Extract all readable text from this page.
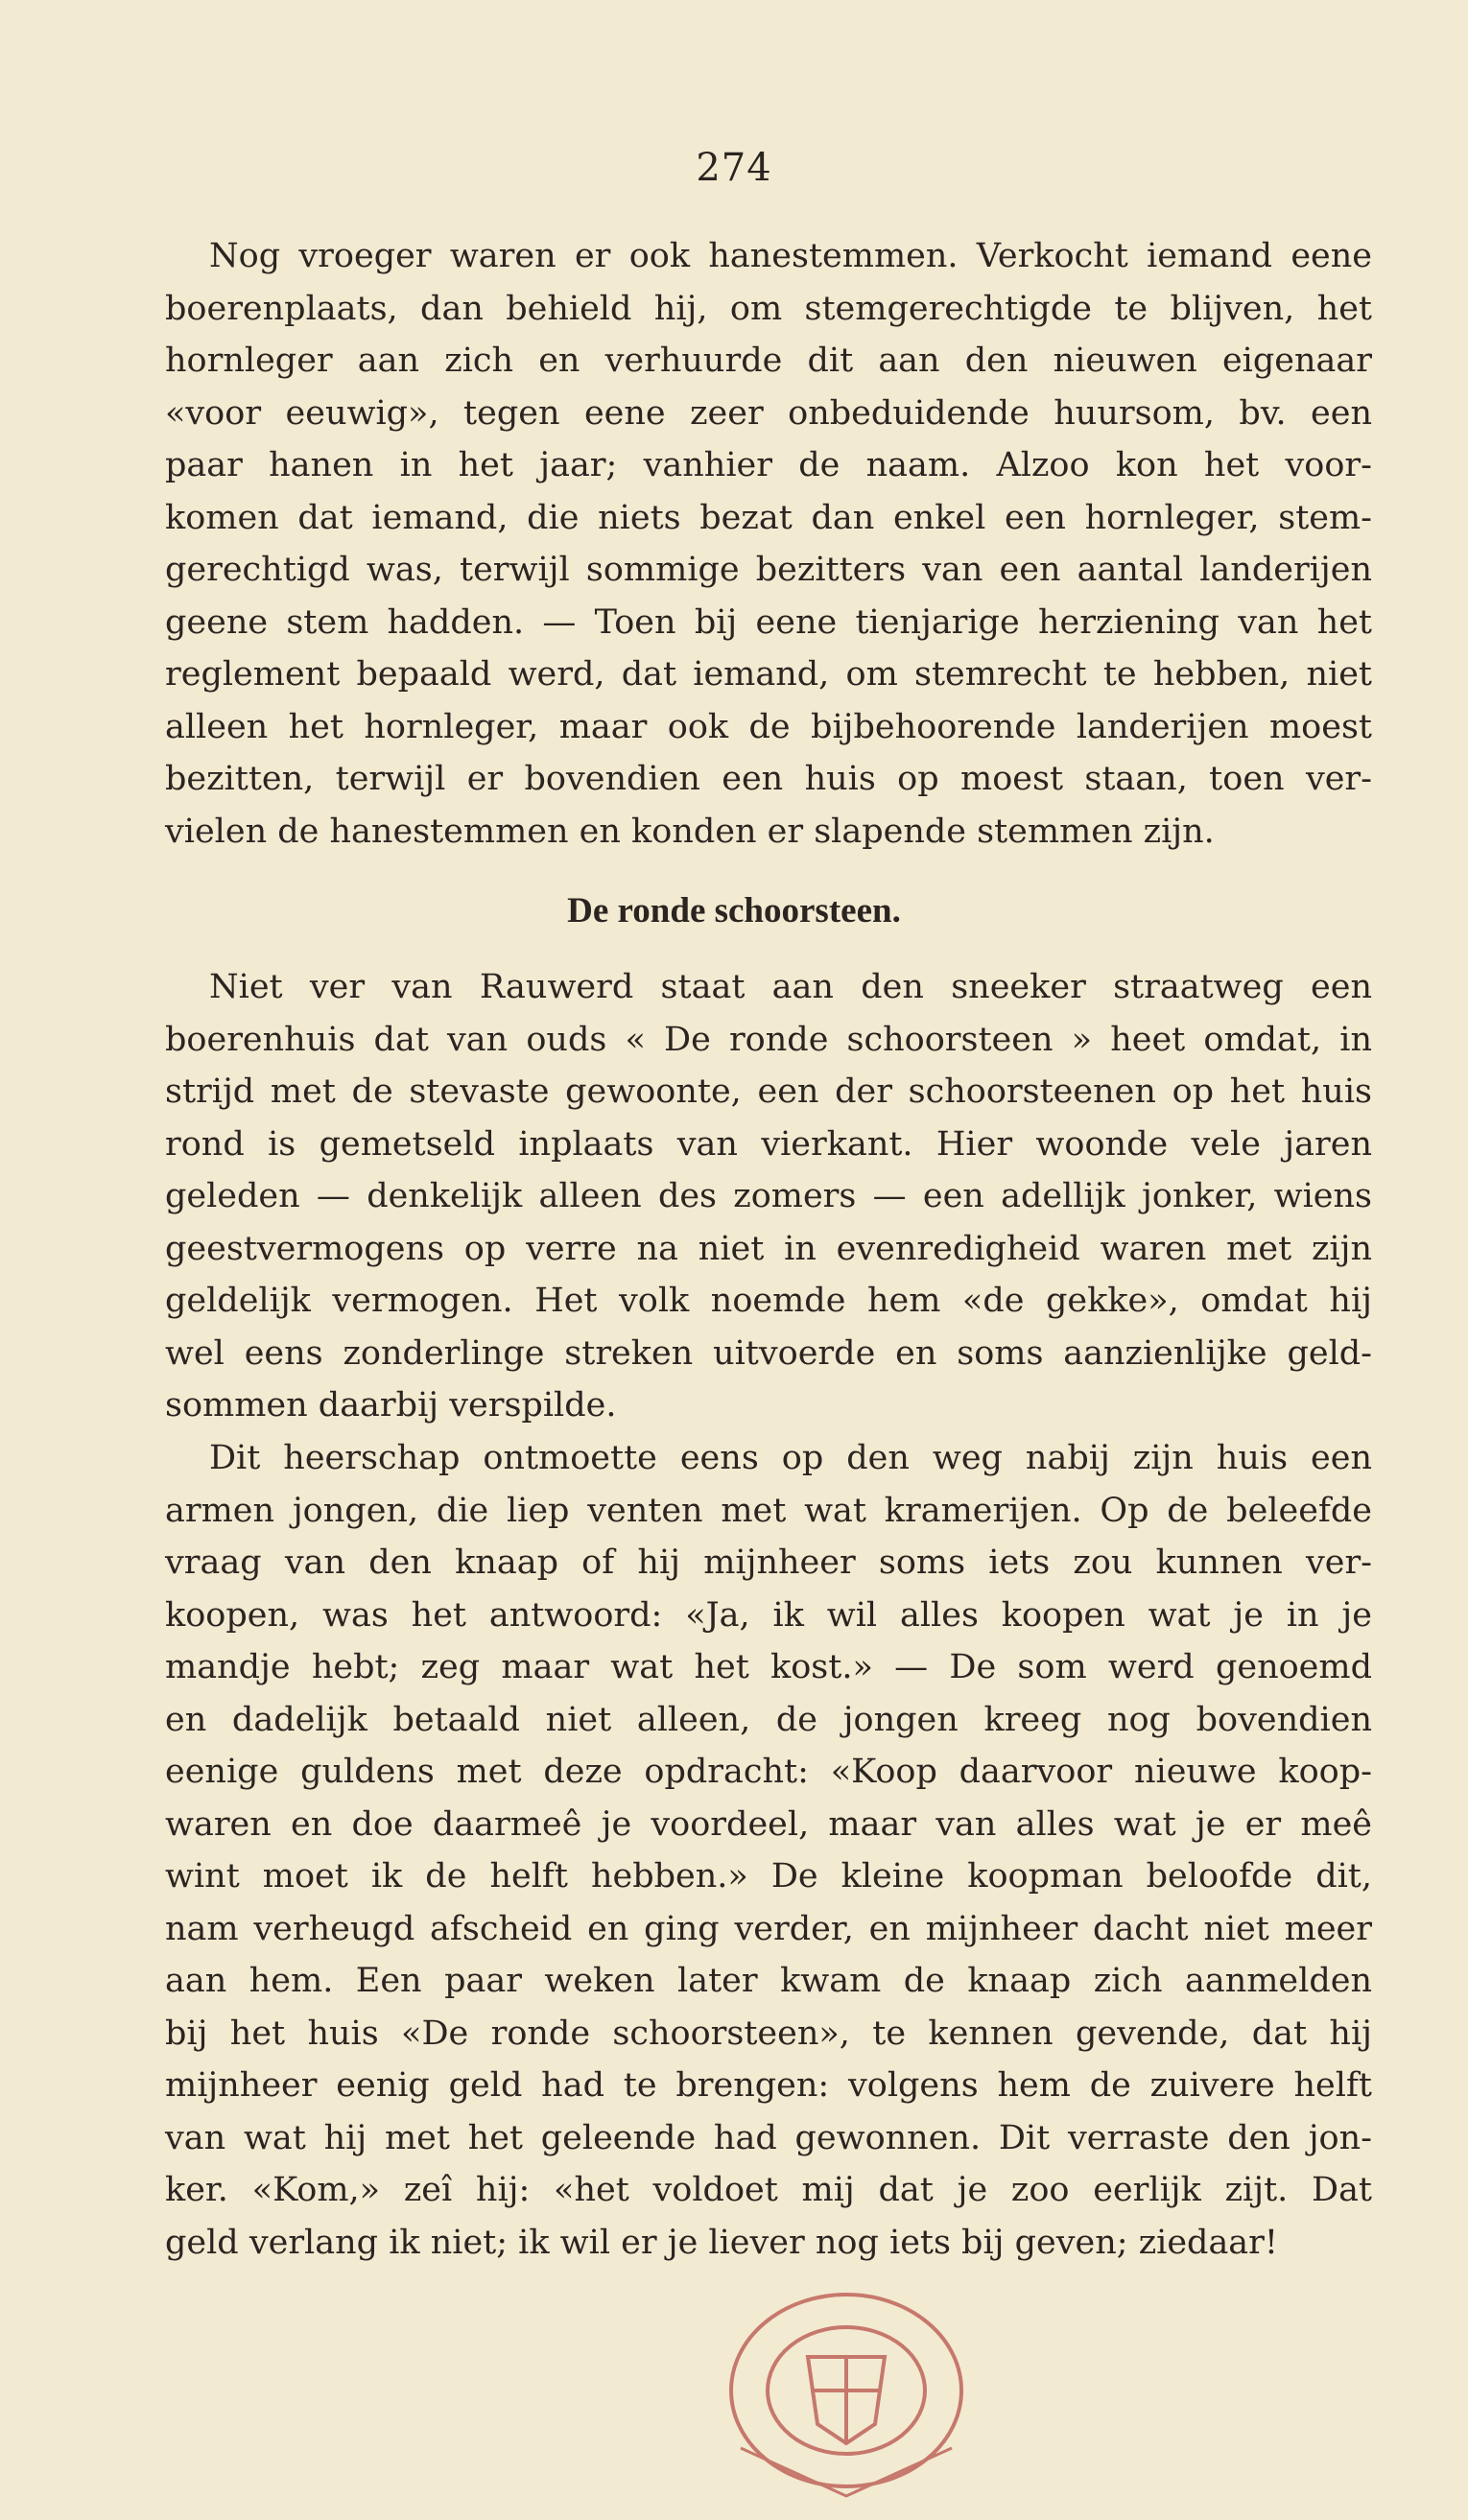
274
Nog vroeger waren er ook hanestemmen. Verkocht iemand eene
boerenplaats, dan behield hij, om stemgerechtigde te blijven, het
hornleger aan zich en verhuurde dit aan den nieuwen eigenaar
«voor eeuwig», tegen eene zeer onbeduidende huursom, bv. een
paar hanen in het jaar; vanhier de naam. Alzoo kon het voor-
komen dat iemand, die niets bezat dan enkel een hornleger, stem-
gerechtigd was, terwijl sommige bezitters van een aantal landerijen
geene stem hadden. — Toen bij eene tienjarige herziening van het
reglement bepaald werd, dat iemand, om stemrecht te hebben, niet
alleen het hornleger, maar ook de bijbehoorende landerijen moest
bezitten, terwijl er bovendien een huis op moest staan, toen ver-
vielen de hanestemmen en konden er slapende stemmen zijn.
De ronde schoorsteen.
Niet ver van Rauwerd staat aan den sneeker straatweg een
boerenhuis dat van ouds « De ronde schoorsteen » heet omdat, in
strijd met de stevaste gewoonte, een der schoorsteenen op het huis
rond is gemetseld inplaats van vierkant. Hier woonde vele jaren
geleden — denkelijk alleen des zomers — een adellijk jonker, wiens
geestvermogens op verre na niet in evenredigheid waren met zijn
geldelijk vermogen. Het volk noemde hem «de gekke», omdat hij
wel eens zonderlinge streken uitvoerde en soms aanzienlijke geld-
sommen daarbij verspilde.
Dit heerschap ontmoette eens op den weg nabij zijn huis een
armen jongen, die liep venten met wat kramerijen. Op de beleefde
vraag van den knaap of hij mijnheer soms iets zou kunnen ver-
koopen, was het antwoord: «Ja, ik wil alles koopen wat je in je
mandje hebt; zeg maar wat het kost.» — De som werd genoemd
en dadelijk betaald niet alleen, de jongen kreeg nog bovendien
eenige guldens met deze opdracht: «Koop daarvoor nieuwe koop-
waren en doe daarmeê je voordeel, maar van alles wat je er meê
wint moet ik de helft hebben.» De kleine koopman beloofde dit,
nam verheugd afscheid en ging verder, en mijnheer dacht niet meer
aan hem. Een paar weken later kwam de knaap zich aanmelden
bij het huis «De ronde schoorsteen», te kennen gevende, dat hij
mijnheer eenig geld had te brengen: volgens hem de zuivere helft
van wat hij met het geleende had gewonnen. Dit verraste den jon-
ker. «Kom,» zeî hij: «het voldoet mij dat je zoo eerlijk zijt. Dat
geld verlang ik niet; ik wil er je liever nog iets bij geven; ziedaar!
